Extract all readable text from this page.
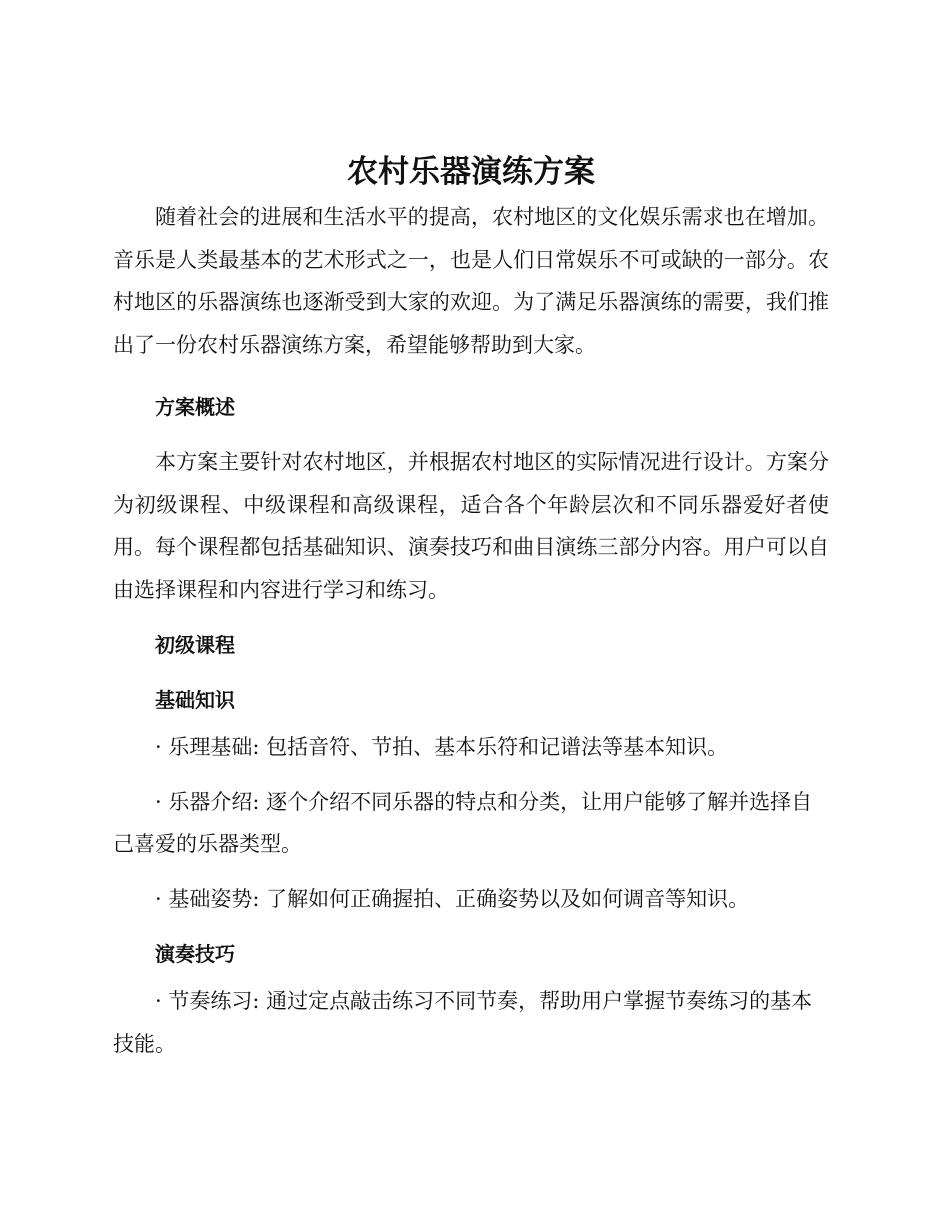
农村乐器演练方案

随着社会的进展和生活水平的提高，农村地区的文化娱乐需求也在增加。音乐是人类最基本的艺术形式之一，也是人们日常娱乐不可或缺的一部分。农村地区的乐器演练也逐渐受到大家的欢迎。为了满足乐器演练的需要，我们推出了一份农村乐器演练方案，希望能够帮助到大家。

方案概述

本方案主要针对农村地区，并根据农村地区的实际情况进行设计。方案分为初级课程、中级课程和高级课程，适合各个年龄层次和不同乐器爱好者使用。每个课程都包括基础知识、演奏技巧和曲目演练三部分内容。用户可以自由选择课程和内容进行学习和练习。

初级课程
基础知识

· 乐理基础: 包括音符、节拍、基本乐符和记谱法等基本知识。

· 乐器介绍: 逐个介绍不同乐器的特点和分类，让用户能够了解并选择自己喜爱的乐器类型。

· 基础姿势: 了解如何正确握拍、正确姿势以及如何调音等知识。

演奏技巧

· 节奏练习: 通过定点敲击练习不同节奏，帮助用户掌握节奏练习的基本技能。
